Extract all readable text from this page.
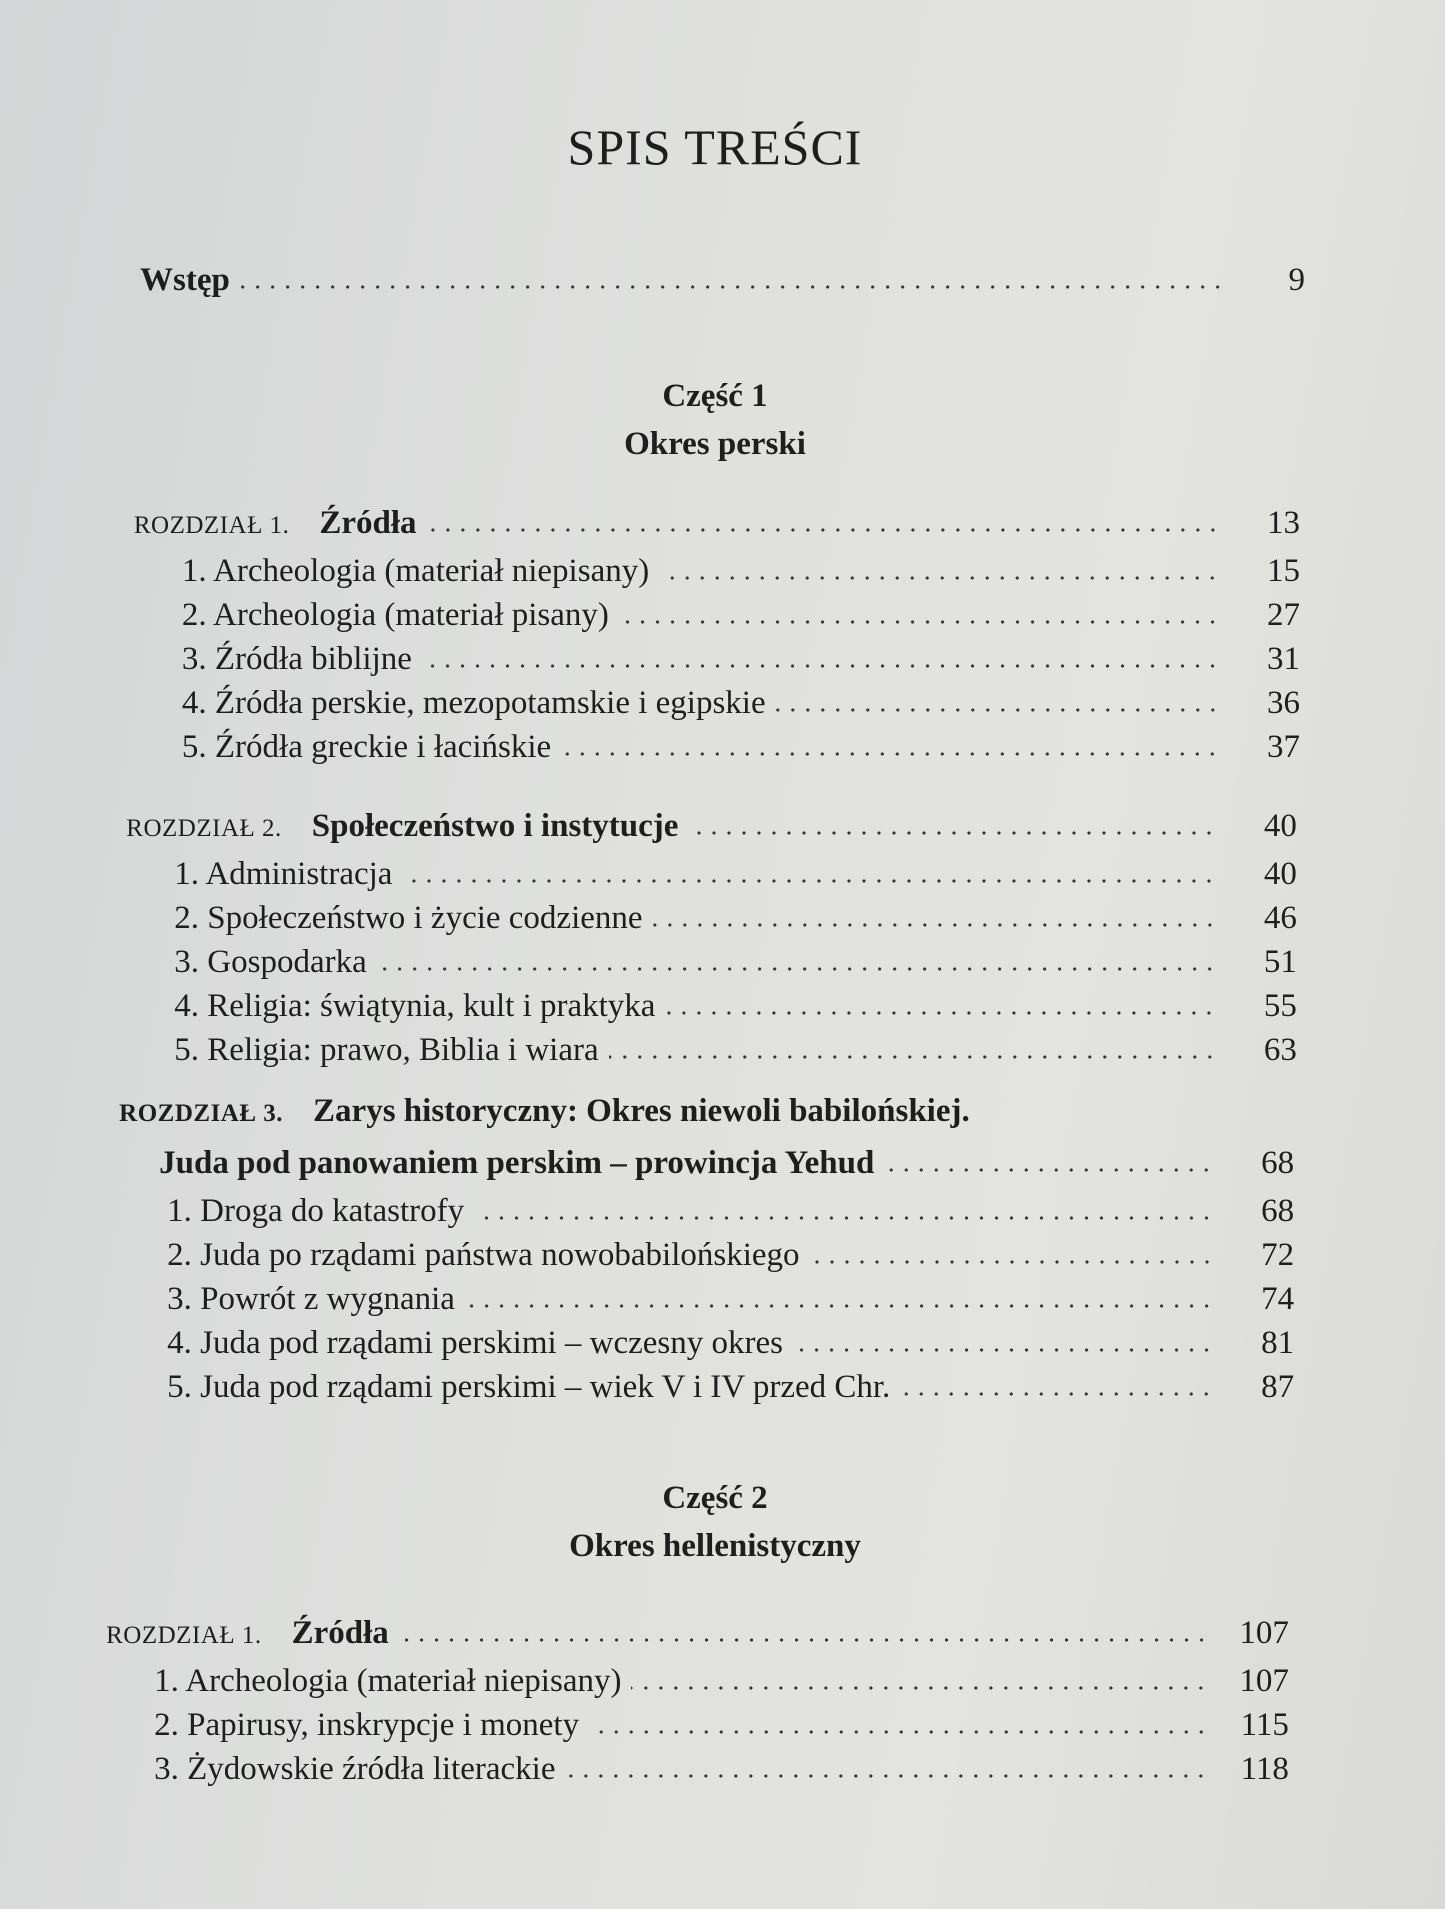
SPIS TREŚCI
Wstęp	9
Część 1
Okres perski
ROZDZIAŁ 1. Źródła	13
1. Archeologia (materiał niepisany)	15
2. Archeologia (materiał pisany)	27
3. Źródła biblijne	31
4. Źródła perskie, mezopotamskie i egipskie	36
5. Źródła greckie i łacińskie	37
ROZDZIAŁ 2. Społeczeństwo i instytucje	40
1. Administracja	40
2. Społeczeństwo i życie codzienne	46
3. Gospodarka	51
4. Religia: świątynia, kult i praktyka	55
5. Religia: prawo, Biblia i wiara	63
ROZDZIAŁ 3. Zarys historyczny: Okres niewoli babilońskiej.
Juda pod panowaniem perskim – prowincja Yehud	68
1. Droga do katastrofy	68
2. Juda po rządami państwa nowobabilońskiego	72
3. Powrót z wygnania	74
4. Juda pod rządami perskimi – wczesny okres	81
5. Juda pod rządami perskimi – wiek V i IV przed Chr.	87
Część 2
Okres hellenistyczny
ROZDZIAŁ 1. Źródła	107
1. Archeologia (materiał niepisany)	107
2. Papirusy, inskrypcje i monety	115
3. Żydowskie źródła literackie	118
